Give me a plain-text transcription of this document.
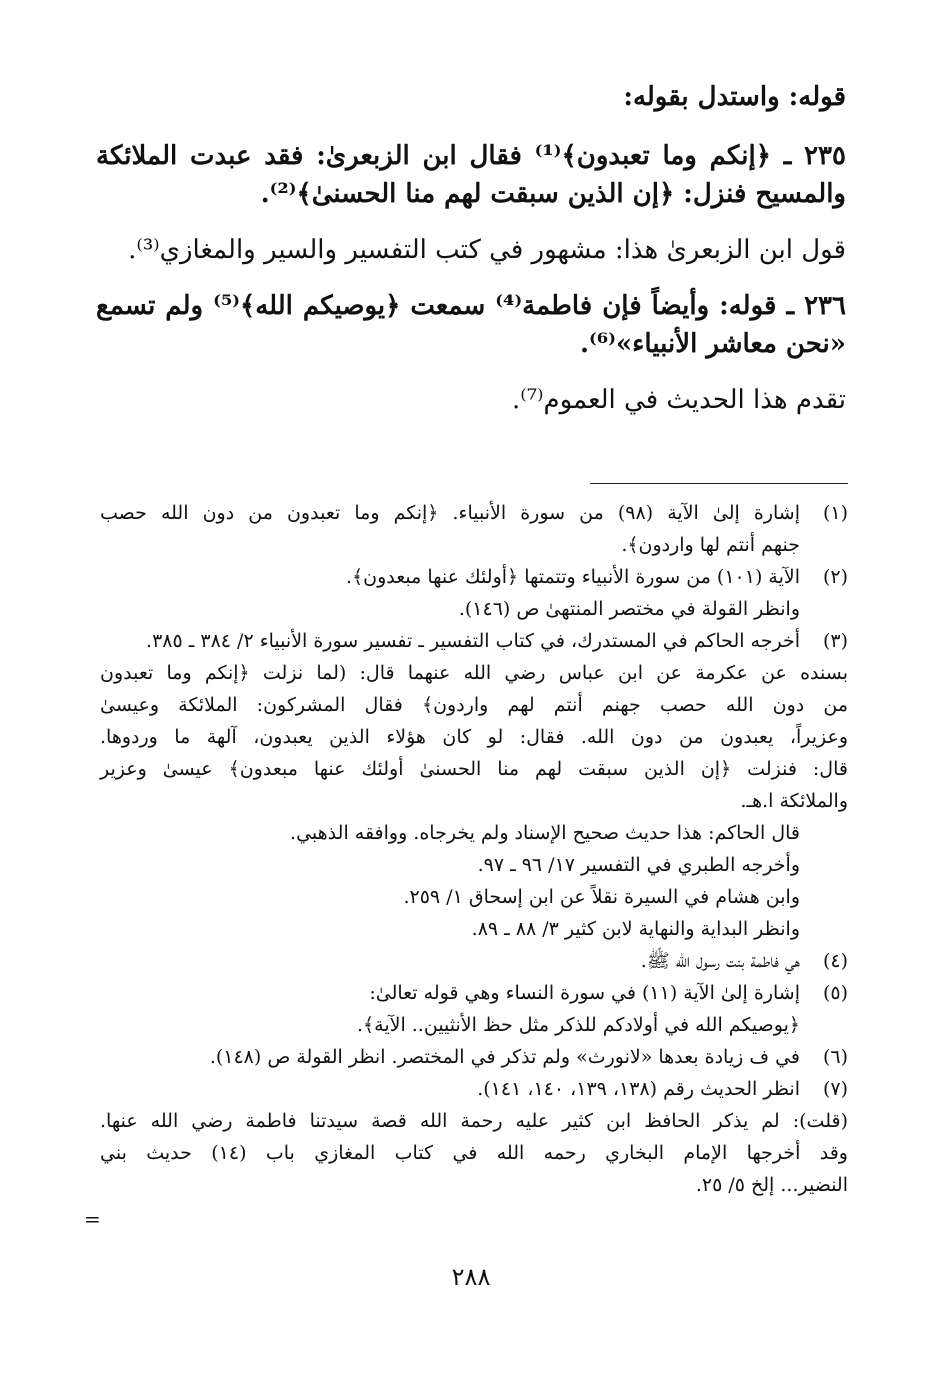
قوله: واستدل بقوله:
٢٣٥ ـ ﴿إنكم وما تعبدون﴾⁽¹⁾ فقال ابن الزبعرىٰ: فقد عبدت الملائكة
والمسيح فنزل: ﴿إن الذين سبقت لهم منا الحسنىٰ﴾⁽²⁾.
قول ابن الزبعرىٰ هذا: مشهور في كتب التفسير والسير والمغازي⁽³⁾.
٢٣٦ ـ قوله: وأيضاً فإن فاطمة⁽⁴⁾ سمعت ﴿يوصيكم الله﴾⁽⁵⁾ ولم تسمع
«نحن معاشر الأنبياء»⁽⁶⁾.
تقدم هذا الحديث في العموم⁽⁷⁾.
(١)
إشارة إلىٰ الآية (٩٨) من سورة الأنبياء. ﴿إنكم وما تعبدون من دون الله حصب
جنهم أنتم لها واردون﴾.
(٢)
الآية (١٠١) من سورة الأنبياء وتتمتها ﴿أولئك عنها مبعدون﴾.
وانظر القولة في مختصر المنتهىٰ ص (١٤٦).
(٣)
أخرجه الحاكم في المستدرك، في كتاب التفسير ـ تفسير سورة الأنبياء ٢/ ٣٨٤ ـ ٣٨٥.
بسنده عن عكرمة عن ابن عباس رضي الله عنهما قال: (لما نزلت ﴿إنكم وما تعبدون
من دون الله حصب جهنم أنتم لهم واردون﴾ فقال المشركون: الملائكة وعيسىٰ
وعزيراً، يعبدون من دون الله. فقال: لو كان هؤلاء الذين يعبدون، آلهة ما وردوها.
قال: فنزلت ﴿إن الذين سبقت لهم منا الحسنىٰ أولئك عنها مبعدون﴾ عيسىٰ وعزير
والملائكة ا.هـ.
قال الحاكم: هذا حديث صحيح الإسناد ولم يخرجاه. ووافقه الذهبي.
وأخرجه الطبري في التفسير ١٧/ ٩٦ ـ ٩٧.
وابن هشام في السيرة نقلاً عن ابن إسحاق ١/ ٢٥٩.
وانظر البداية والنهاية لابن كثير ٣/ ٨٨ ـ ٨٩.
(٤)
هي فاطمة بنت رسول الله ﷺ.
(٥)
إشارة إلىٰ الآية (١١) في سورة النساء وهي قوله تعالىٰ:
﴿يوصيكم الله في أولادكم للذكر مثل حظ الأنثيين.. الآية﴾.
(٦)
في ف زيادة بعدها «لانورث» ولم تذكر في المختصر. انظر القولة ص (١٤٨).
(٧)
انظر الحديث رقم (١٣٨، ١٣٩، ١٤٠، ١٤١).
(قلت): لم يذكر الحافظ ابن كثير عليه رحمة الله قصة سيدتنا فاطمة رضي الله عنها.
وقد أخرجها الإمام البخاري رحمه الله في كتاب المغازي باب (١٤) حديث بني
النضير... إلخ ٥/ ٢٥.
=
٢٨٨
